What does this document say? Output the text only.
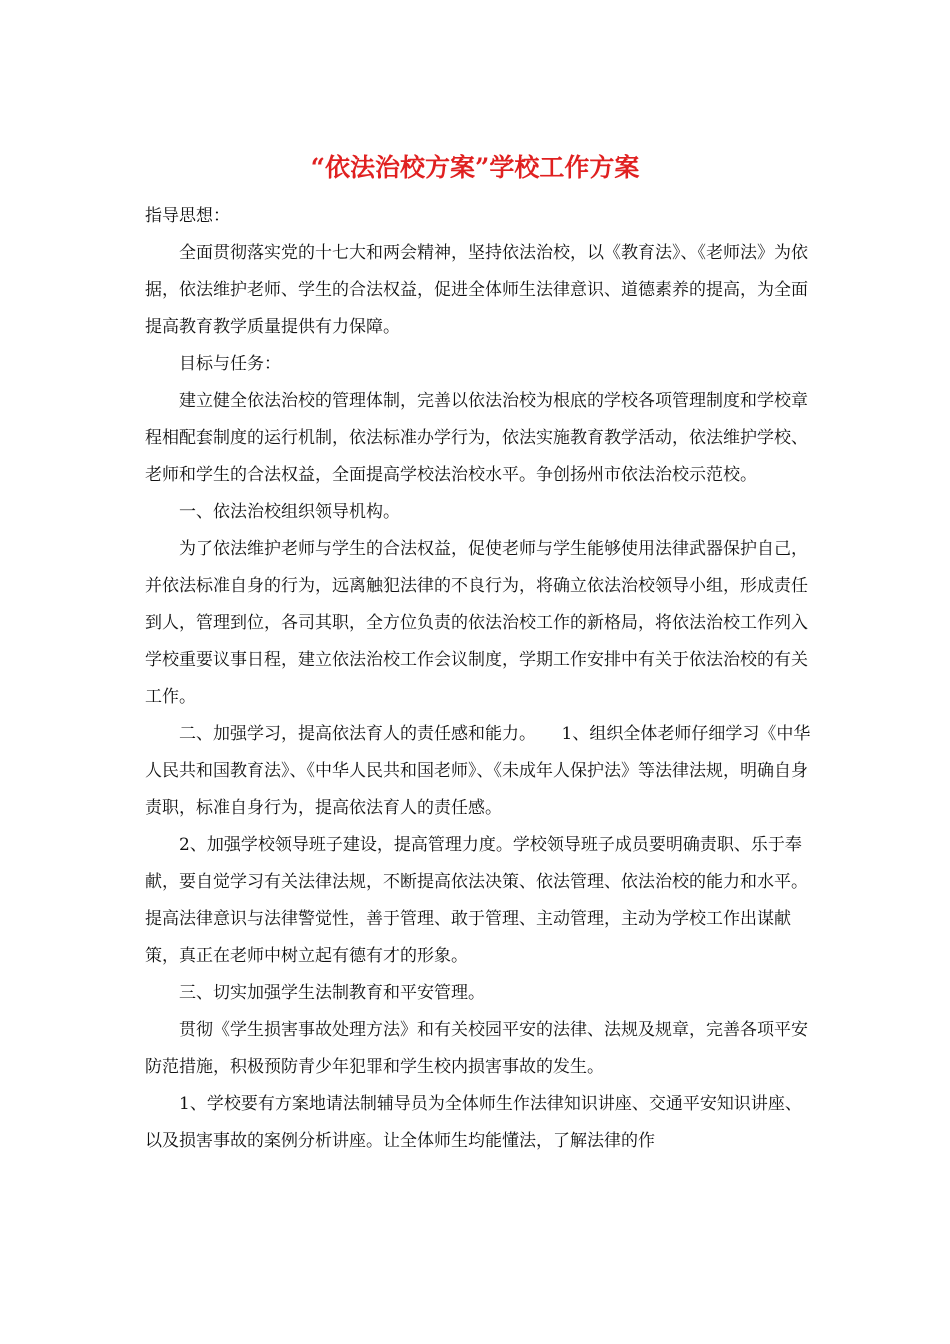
“依法治校方案”学校工作方案

指导思想：

全面贯彻落实党的十七大和两会精神，坚持依法治校，以《教育法》、《老师法》为依据，依法维护老师、学生的合法权益，促进全体师生法律意识、道德素养的提高，为全面提高教育教学质量提供有力保障。

目标与任务：

建立健全依法治校的管理体制，完善以依法治校为根底的学校各项管理制度和学校章程相配套制度的运行机制，依法标准办学行为，依法实施教育教学活动，依法维护学校、老师和学生的合法权益，全面提高学校法治校水平。争创扬州市依法治校示范校。

一、依法治校组织领导机构。

为了依法维护老师与学生的合法权益，促使老师与学生能够使用法律武器保护自己，并依法标准自身的行为，远离触犯法律的不良行为，将确立依法治校领导小组，形成责任到人，管理到位，各司其职，全方位负责的依法治校工作的新格局，将依法治校工作列入学校重要议事日程，建立依法治校工作会议制度，学期工作安排中有关于依法治校的有关工作。

二、加强学习，提高依法育人的责任感和能力。　　1、组织全体老师仔细学习《中华人民共和国教育法》、《中华人民共和国老师》、《未成年人保护法》等法律法规，明确自身责职，标准自身行为，提高依法育人的责任感。

2、加强学校领导班子建设，提高管理力度。学校领导班子成员要明确责职、乐于奉献，要自觉学习有关法律法规，不断提高依法决策、依法管理、依法治校的能力和水平。提高法律意识与法律警觉性，善于管理、敢于管理、主动管理，主动为学校工作出谋献策，真正在老师中树立起有德有才的形象。

三、切实加强学生法制教育和平安管理。

贯彻《学生损害事故处理方法》和有关校园平安的法律、法规及规章，完善各项平安防范措施，积极预防青少年犯罪和学生校内损害事故的发生。

1、学校要有方案地请法制辅导员为全体师生作法律知识讲座、交通平安知识讲座、以及损害事故的案例分析讲座。让全体师生均能懂法，了解法律的作
